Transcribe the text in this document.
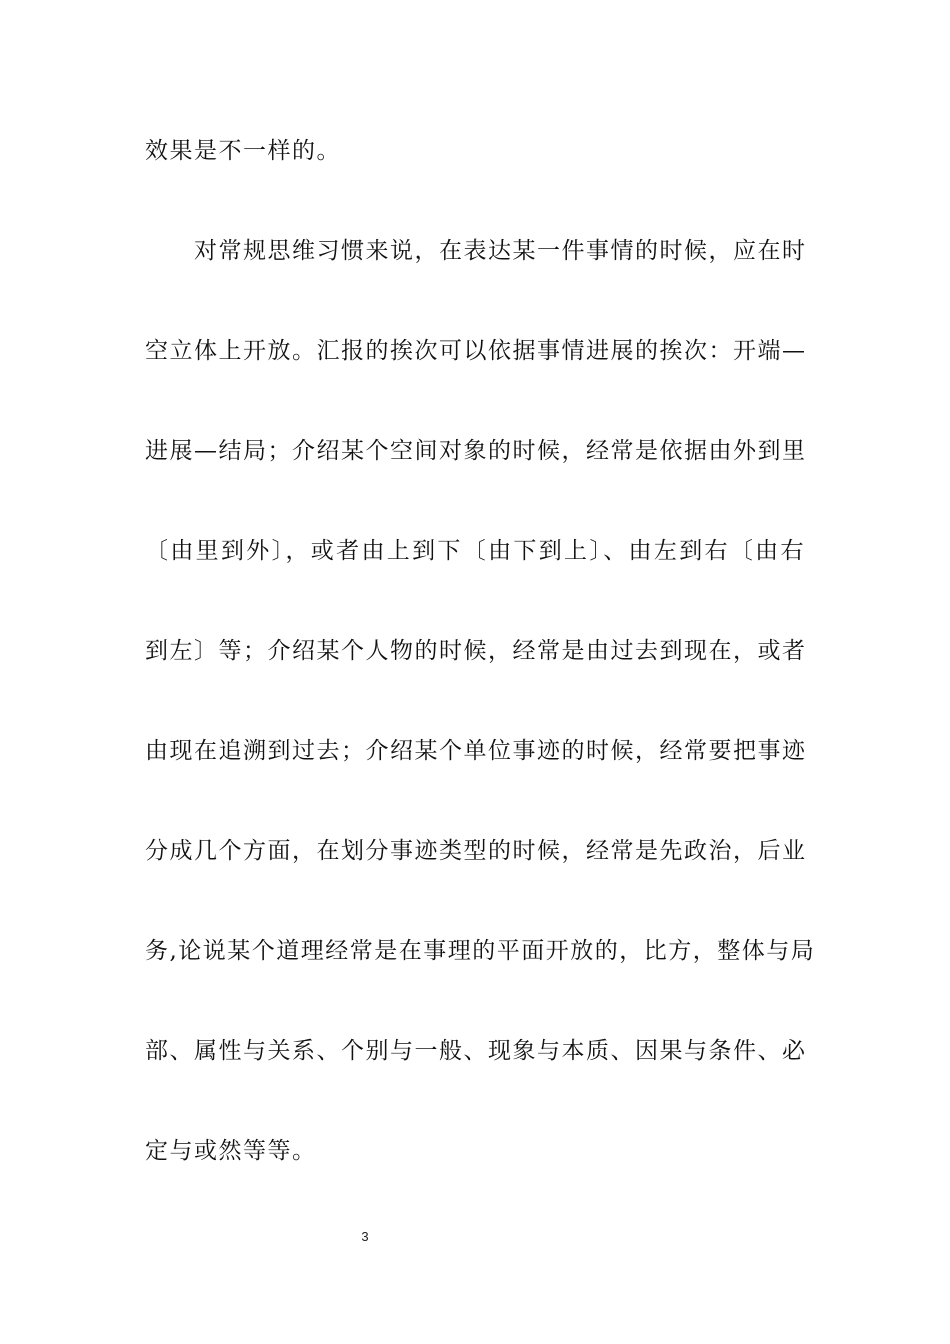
效果是不一样的。
对常规思维习惯来说，在表达某一件事情的时候，应在时
空立体上开放。汇报的挨次可以依据事情进展的挨次：开端—
进展—结局；介绍某个空间对象的时候，经常是依据由外到里
〔由里到外〕，或者由上到下〔由下到上〕、由左到右〔由右
到左〕等；介绍某个人物的时候，经常是由过去到现在，或者
由现在追溯到过去；介绍某个单位事迹的时候，经常要把事迹
分成几个方面，在划分事迹类型的时候，经常是先政治，后业
务,论说某个道理经常是在事理的平面开放的，比方，整体与局
部、属性与关系、个别与一般、现象与本质、因果与条件、必
定与或然等等。
3
